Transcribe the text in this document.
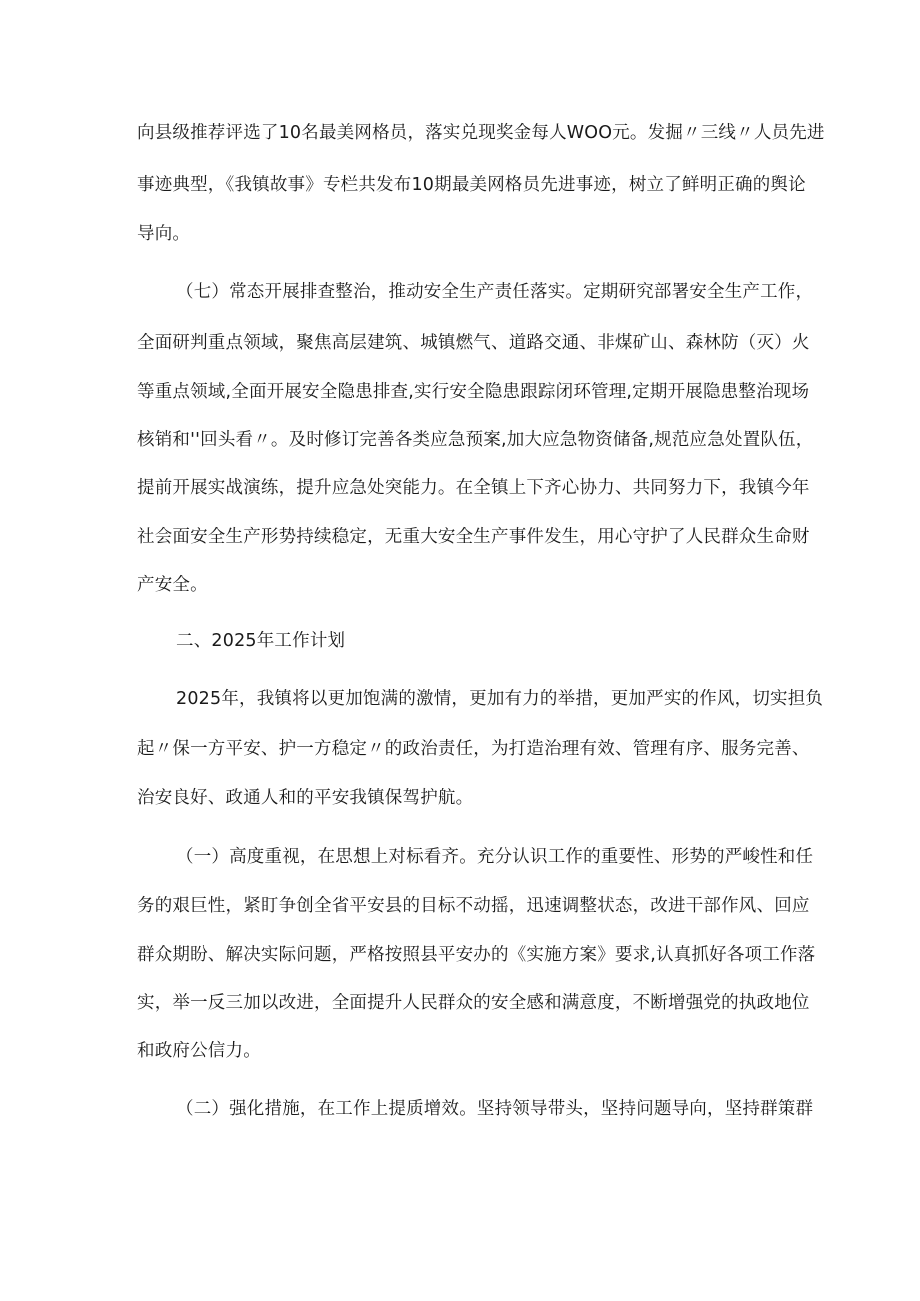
向县级推荐评选了10名最美网格员，落实兑现奖金每人WOO元。发掘〃三线〃人员先进
事迹典型，《我镇故事》专栏共发布10期最美网格员先进事迹，树立了鲜明正确的舆论
导向。
（七）常态开展排查整治，推动安全生产责任落实。定期研究部署安全生产工作，
全面研判重点领域，聚焦高层建筑、城镇燃气、道路交通、非煤矿山、森林防（灭）火
等重点领域,全面开展安全隐患排查,实行安全隐患跟踪闭环管理,定期开展隐患整治现场
核销和''回头看〃。及时修订完善各类应急预案,加大应急物资储备,规范应急处置队伍，
提前开展实战演练，提升应急处突能力。在全镇上下齐心协力、共同努力下，我镇今年
社会面安全生产形势持续稳定，无重大安全生产事件发生，用心守护了人民群众生命财
产安全。
二、2025年工作计划
2025年，我镇将以更加饱满的激情，更加有力的举措，更加严实的作风，切实担负
起〃保一方平安、护一方稳定〃的政治责任，为打造治理有效、管理有序、服务完善、
治安良好、政通人和的平安我镇保驾护航。
（一）高度重视，在思想上对标看齐。充分认识工作的重要性、形势的严峻性和任
务的艰巨性，紧盯争创全省平安县的目标不动摇，迅速调整状态，改进干部作风、回应
群众期盼、解决实际问题，严格按照县平安办的《实施方案》要求,认真抓好各项工作落
实，举一反三加以改进，全面提升人民群众的安全感和满意度，不断增强党的执政地位
和政府公信力。
（二）强化措施，在工作上提质增效。坚持领导带头，坚持问题导向，坚持群策群
